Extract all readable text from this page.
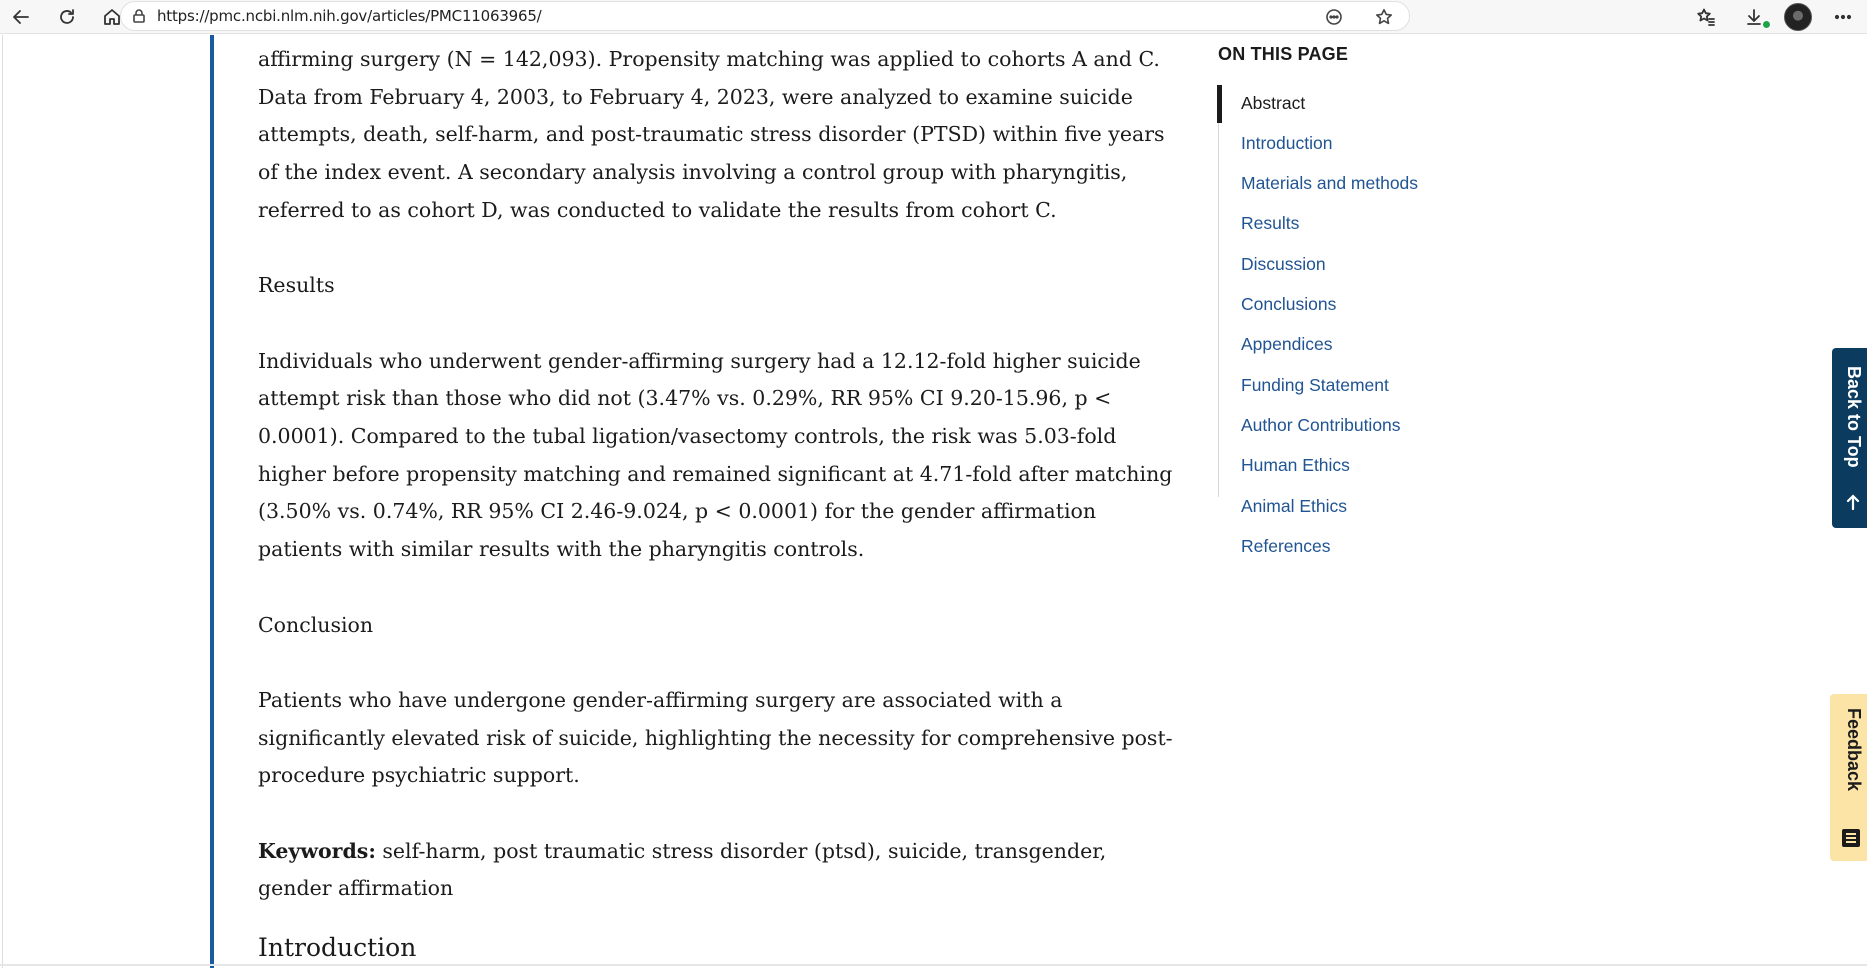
https://pmc.ncbi.nlm.nih.gov/articles/PMC11063965/

affirming surgery (N = 142,093). Propensity matching was applied to cohorts A and C. Data from February 4, 2003, to February 4, 2023, were analyzed to examine suicide attempts, death, self-harm, and post-traumatic stress disorder (PTSD) within five years of the index event. A secondary analysis involving a control group with pharyngitis, referred to as cohort D, was conducted to validate the results from cohort C.

Results

Individuals who underwent gender-affirming surgery had a 12.12-fold higher suicide attempt risk than those who did not (3.47% vs. 0.29%, RR 95% CI 9.20-15.96, p < 0.0001). Compared to the tubal ligation/vasectomy controls, the risk was 5.03-fold higher before propensity matching and remained significant at 4.71-fold after matching (3.50% vs. 0.74%, RR 95% CI 2.46-9.024, p < 0.0001) for the gender affirmation patients with similar results with the pharyngitis controls.

Conclusion

Patients who have undergone gender-affirming surgery are associated with a significantly elevated risk of suicide, highlighting the necessity for comprehensive post-procedure psychiatric support.

Keywords: self-harm, post traumatic stress disorder (ptsd), suicide, transgender, gender affirmation

Introduction

ON THIS PAGE
Abstract
Introduction
Materials and methods
Results
Discussion
Conclusions
Appendices
Funding Statement
Author Contributions
Human Ethics
Animal Ethics
References
Back to Top
Feedback
